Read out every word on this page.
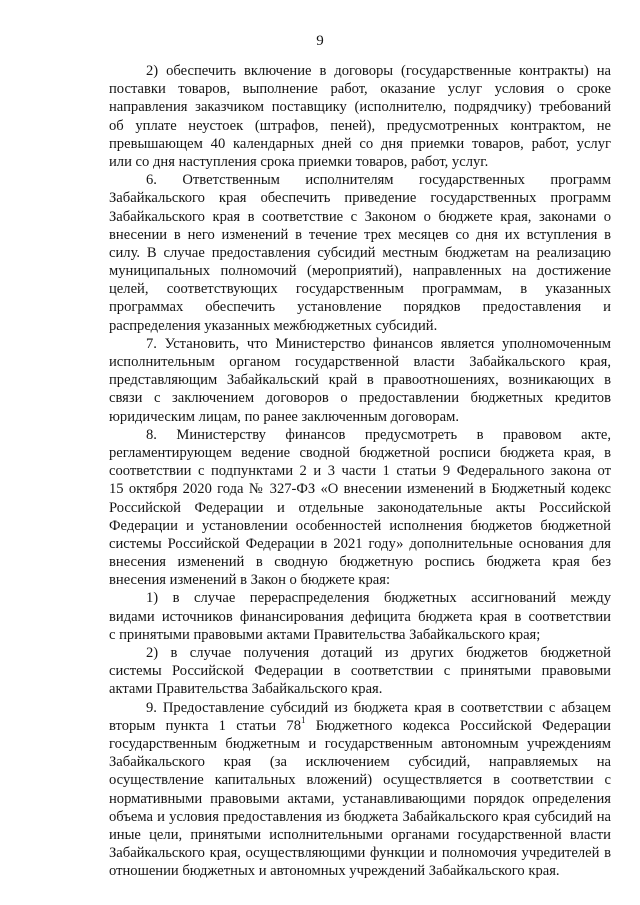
9
2) обеспечить включение в договоры (государственные контракты) на
поставки товаров, выполнение работ, оказание услуг условия о сроке
направления заказчиком поставщику (исполнителю, подрядчику) требований
об уплате неустоек (штрафов, пеней), предусмотренных контрактом, не
превышающем 40 календарных дней со дня приемки товаров, работ, услуг
или со дня наступления срока приемки товаров, работ, услуг.
6. Ответственным исполнителям государственных программ
Забайкальского края обеспечить приведение государственных программ
Забайкальского края в соответствие с Законом о бюджете края, законами о
внесении в него изменений в течение трех месяцев со дня их вступления в
силу. В случае предоставления субсидий местным бюджетам на реализацию
муниципальных полномочий (мероприятий), направленных на достижение
целей, соответствующих государственным программам, в указанных
программах обеспечить установление порядков предоставления и
распределения указанных межбюджетных субсидий.
7. Установить, что Министерство финансов является уполномоченным
исполнительным органом государственной власти Забайкальского края,
представляющим Забайкальский край в правоотношениях, возникающих в
связи с заключением договоров о предоставлении бюджетных кредитов
юридическим лицам, по ранее заключенным договорам.
8. Министерству финансов предусмотреть в правовом акте,
регламентирующем ведение сводной бюджетной росписи бюджета края, в
соответствии с подпунктами 2 и 3 части 1 статьи 9 Федерального закона от
15 октября 2020 года № 327-ФЗ «О внесении изменений в Бюджетный кодекс
Российской Федерации и отдельные законодательные акты Российской
Федерации и установлении особенностей исполнения бюджетов бюджетной
системы Российской Федерации в 2021 году» дополнительные основания для
внесения изменений в сводную бюджетную роспись бюджета края без
внесения изменений в Закон о бюджете края:
1) в случае перераспределения бюджетных ассигнований между
видами источников финансирования дефицита бюджета края в соответствии
с принятыми правовыми актами Правительства Забайкальского края;
2) в случае получения дотаций из других бюджетов бюджетной
системы Российской Федерации в соответствии с принятыми правовыми
актами Правительства Забайкальского края.
9. Предоставление субсидий из бюджета края в соответствии с абзацем
вторым пункта 1 статьи $78^1$ Бюджетного кодекса Российской Федерации
государственным бюджетным и государственным автономным учреждениям
Забайкальского края (за исключением субсидий, направляемых на
осуществление капитальных вложений) осуществляется в соответствии с
нормативными правовыми актами, устанавливающими порядок определения
объема и условия предоставления из бюджета Забайкальского края субсидий на
иные цели, принятыми исполнительными органами государственной власти
Забайкальского края, осуществляющими функции и полномочия учредителей в
отношении бюджетных и автономных учреждений Забайкальского края.
